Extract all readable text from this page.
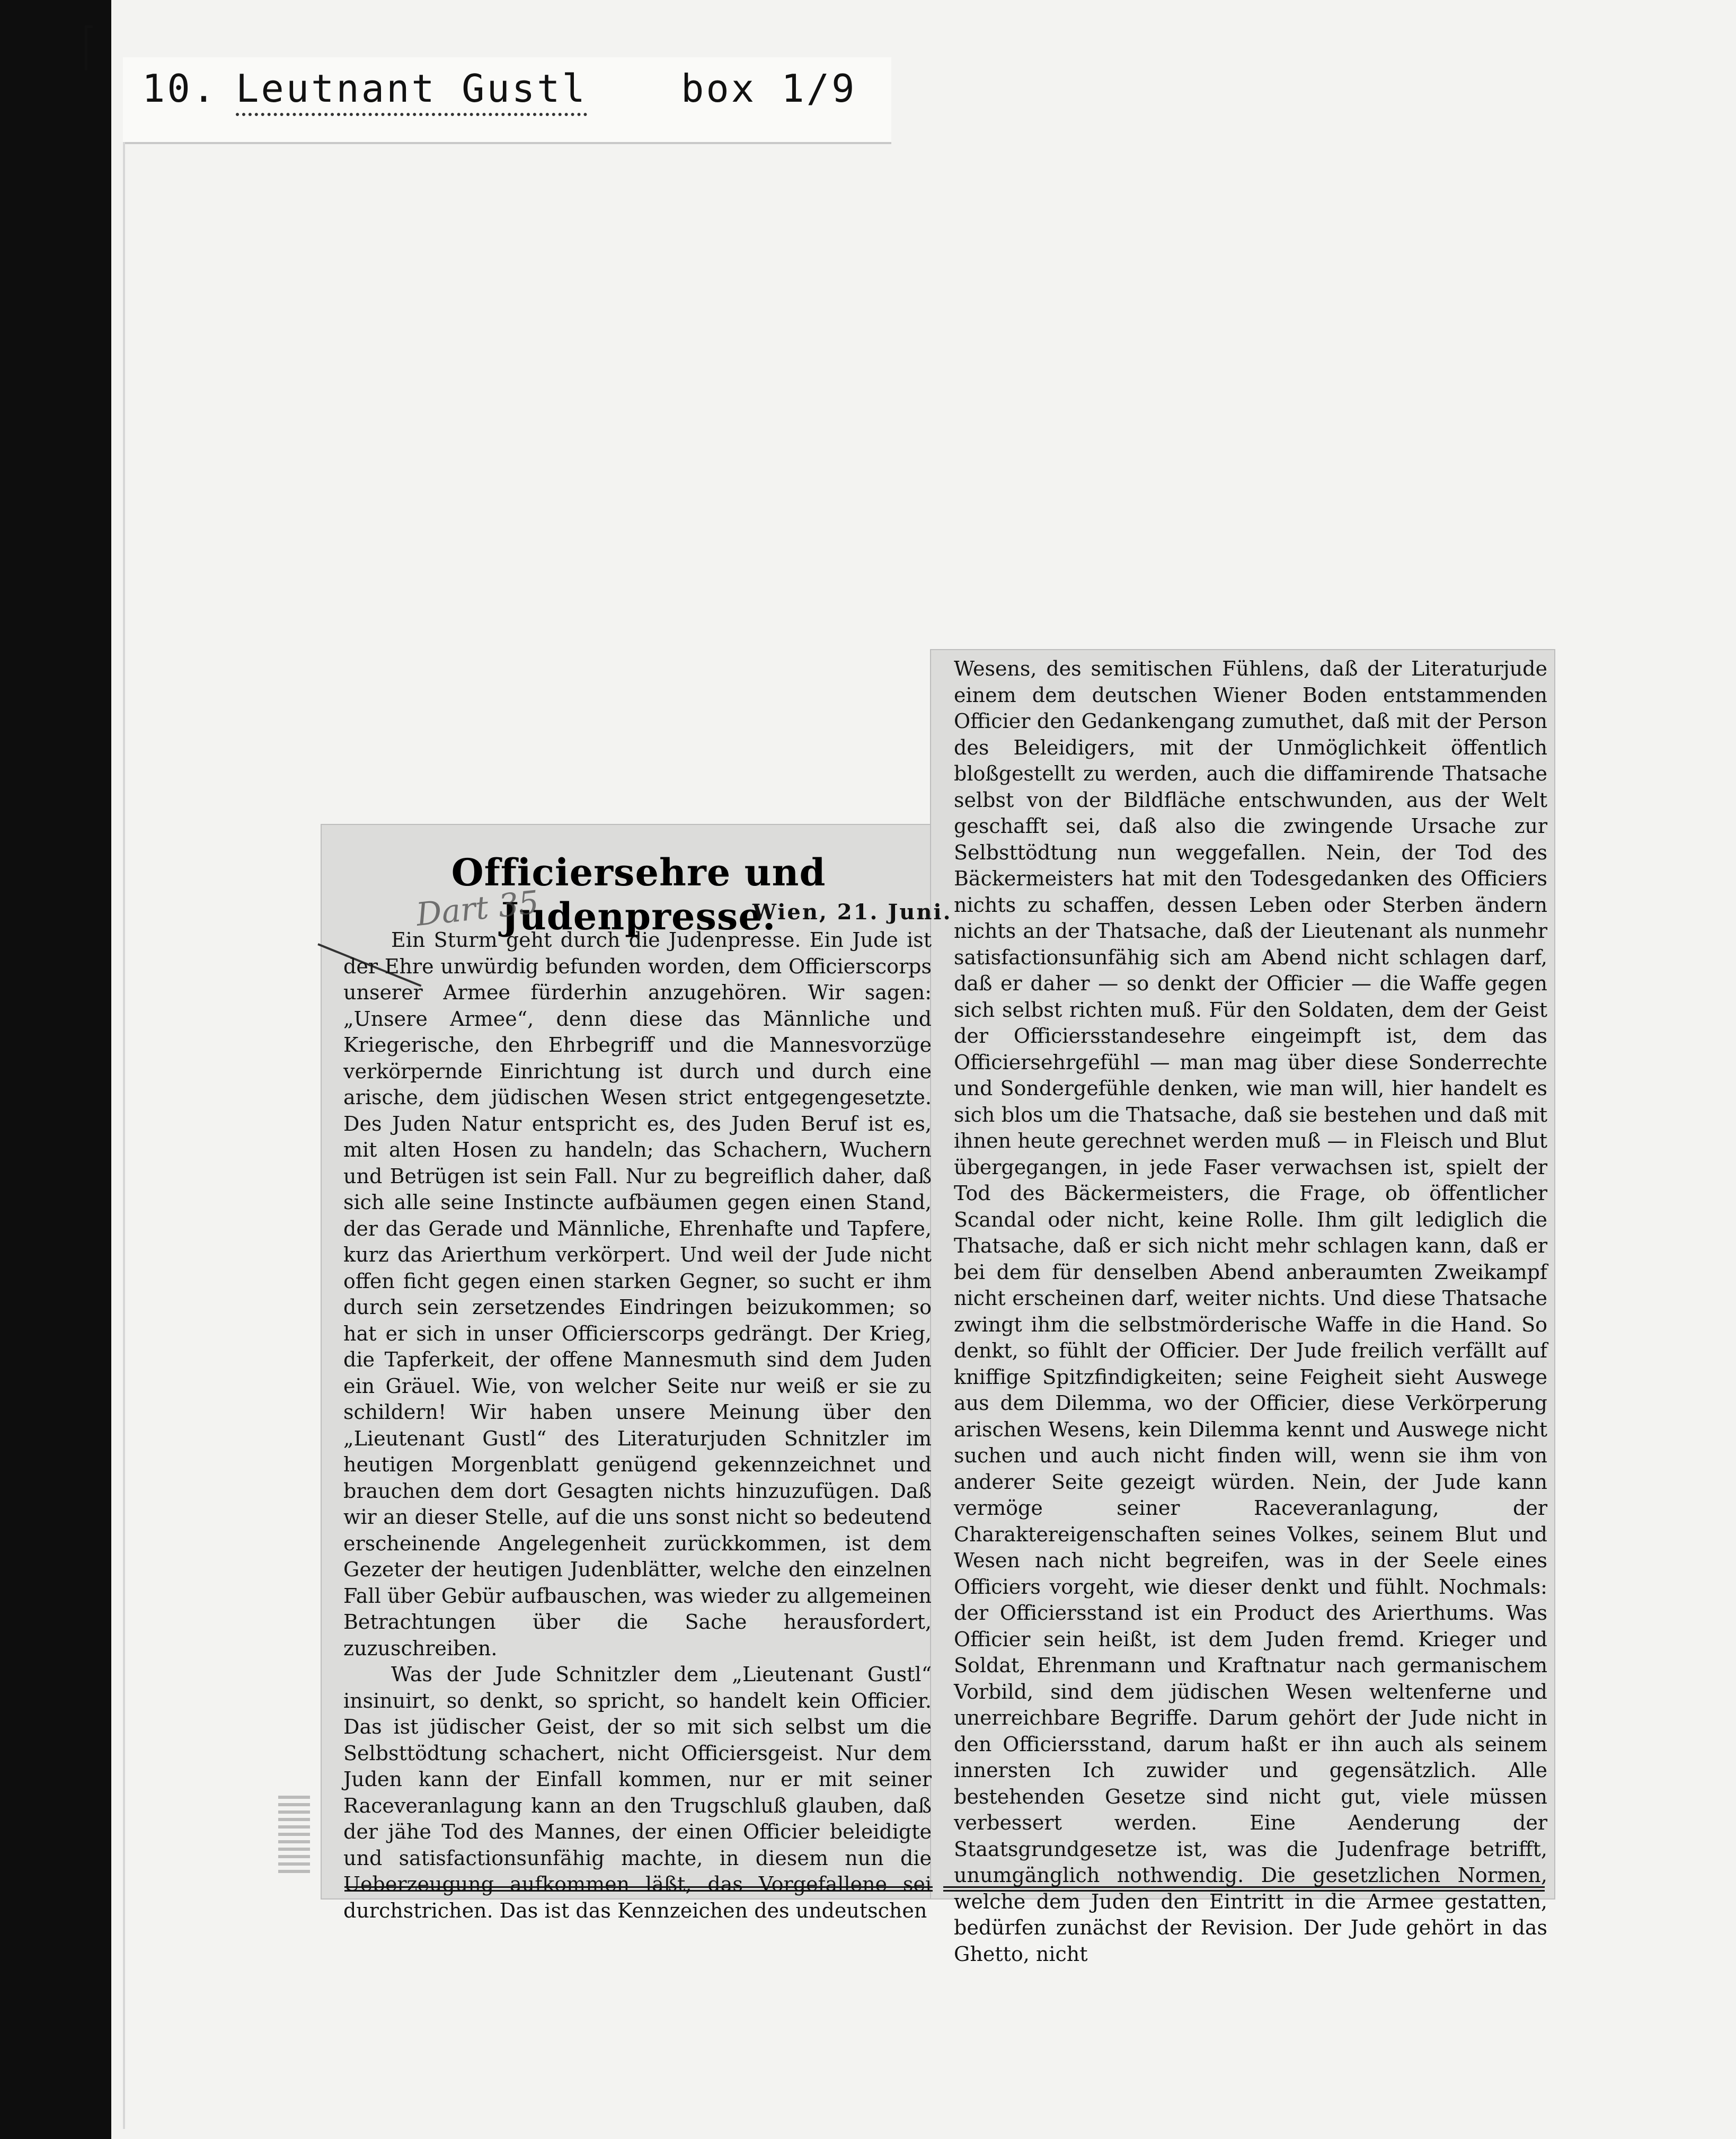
10. Leutnant Gustl box 1/9
Officiersehre und Judenpresse.
Dart 35	Wien, 21. Juni.

Ein Sturm geht durch die Judenpresse. Ein Jude ist der Ehre unwürdig befunden worden, dem Officierscorps unserer Armee fürderhin anzugehören. Wir sagen: „Unsere Armee“, denn diese das Männliche und Kriegerische, den Ehrbegriff und die Mannesvorzüge verkörpernde Einrichtung ist durch und durch eine arische, dem jüdischen Wesen strict entgegengesetzte. Des Juden Natur entspricht es, des Juden Beruf ist es, mit alten Hosen zu handeln; das Schachern, Wuchern und Betrügen ist sein Fall. Nur zu begreiflich daher, daß sich alle seine Instincte aufbäumen gegen einen Stand, der das Gerade und Männliche, Ehrenhafte und Tapfere, kurz das Arierthum verkörpert. Und weil der Jude nicht offen ficht gegen einen starken Gegner, so sucht er ihm durch sein zersetzendes Eindringen beizukommen; so hat er sich in unser Officierscorps gedrängt. Der Krieg, die Tapferkeit, der offene Mannesmuth sind dem Juden ein Gräuel. Wie, von welcher Seite nur weiß er sie zu schildern! Wir haben unsere Meinung über den „Lieutenant Gustl“ des Literaturjuden Schnitzler im heutigen Morgenblatt genügend gekennzeichnet und brauchen dem dort Gesagten nichts hinzuzufügen. Daß wir an dieser Stelle, auf die uns sonst nicht so bedeutend erscheinende Angelegenheit zurückkommen, ist dem Gezeter der heutigen Judenblätter, welche den einzelnen Fall über Gebür aufbauschen, was wieder zu allgemeinen Betrachtungen über die Sache herausfordert, zuzuschreiben.

Was der Jude Schnitzler dem „Lieutenant Gustl“ insinuirt, so denkt, so spricht, so handelt kein Officier. Das ist jüdischer Geist, der so mit sich selbst um die Selbsttödtung schachert, nicht Officiersgeist. Nur dem Juden kann der Einfall kommen, nur er mit seiner Raceveranlagung kann an den Trugschluß glauben, daß der jähe Tod des Mannes, der einen Officier beleidigte und satisfactionsunfähig machte, in diesem nun die Ueberzeugung aufkommen läßt, das Vorgefallene sei durchstrichen. Das ist das Kennzeichen des undeutschen

Wesens, des semitischen Fühlens, daß der Literaturjude einem dem deutschen Wiener Boden entstammenden Officier den Gedankengang zumuthet, daß mit der Person des Beleidigers, mit der Unmöglichkeit öffentlich bloßgestellt zu werden, auch die diffamirende Thatsache selbst von der Bildfläche entschwunden, aus der Welt geschafft sei, daß also die zwingende Ursache zur Selbsttödtung nun weggefallen. Nein, der Tod des Bäckermeisters hat mit den Todesgedanken des Officiers nichts zu schaffen, dessen Leben oder Sterben ändern nichts an der Thatsache, daß der Lieutenant als nunmehr satisfactionsunfähig sich am Abend nicht schlagen darf, daß er daher — so denkt der Officier — die Waffe gegen sich selbst richten muß. Für den Soldaten, dem der Geist der Officiersstandesehre eingeimpft ist, dem das Officiersehrgefühl — man mag über diese Sonderrechte und Sondergefühle denken, wie man will, hier handelt es sich blos um die Thatsache, daß sie bestehen und daß mit ihnen heute gerechnet werden muß — in Fleisch und Blut übergegangen, in jede Faser verwachsen ist, spielt der Tod des Bäckermeisters, die Frage, ob öffentlicher Scandal oder nicht, keine Rolle. Ihm gilt lediglich die Thatsache, daß er sich nicht mehr schlagen kann, daß er bei dem für denselben Abend anberaumten Zweikampf nicht erscheinen darf, weiter nichts. Und diese Thatsache zwingt ihm die selbstmörderische Waffe in die Hand. So denkt, so fühlt der Officier. Der Jude freilich verfällt auf kniffige Spitzfindigkeiten; seine Feigheit sieht Auswege aus dem Dilemma, wo der Officier, diese Verkörperung arischen Wesens, kein Dilemma kennt und Auswege nicht suchen und auch nicht finden will, wenn sie ihm von anderer Seite gezeigt würden. Nein, der Jude kann vermöge seiner Raceveranlagung, der Charaktereigenschaften seines Volkes, seinem Blut und Wesen nach nicht begreifen, was in der Seele eines Officiers vorgeht, wie dieser denkt und fühlt. Nochmals: der Officiersstand ist ein Product des Arierthums. Was Officier sein heißt, ist dem Juden fremd. Krieger und Soldat, Ehrenmann und Kraftnatur nach germanischem Vorbild, sind dem jüdischen Wesen weltenferne und unerreichbare Begriffe. Darum gehört der Jude nicht in den Officiersstand, darum haßt er ihn auch als seinem innersten Ich zuwider und gegensätzlich. Alle bestehenden Gesetze sind nicht gut, viele müssen verbessert werden. Eine Aenderung der Staatsgrundgesetze ist, was die Judenfrage betrifft, unumgänglich nothwendig. Die gesetzlichen Normen, welche dem Juden den Eintritt in die Armee gestatten, bedürfen zunächst der Revision. Der Jude gehört in das Ghetto, nicht
